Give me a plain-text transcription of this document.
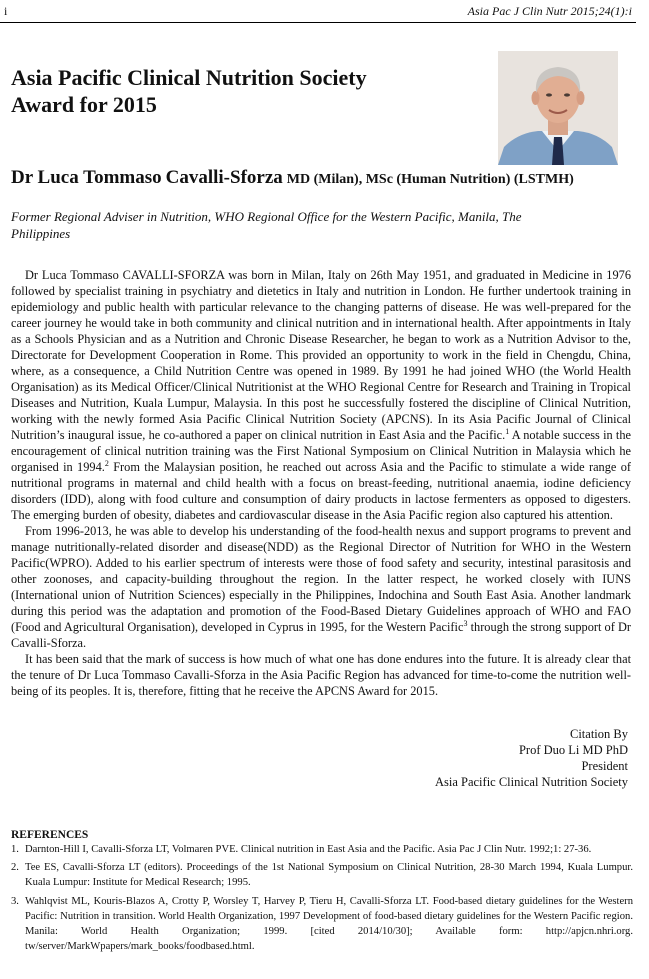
i	Asia Pac J Clin Nutr 2015;24(1):i
Asia Pacific Clinical Nutrition Society
Award for 2015
Dr Luca Tommaso Cavalli-Sforza MD (Milan), MSc (Human Nutrition) (LSTMH)

Former Regional Adviser in Nutrition, WHO Regional Office for the Western Pacific, Manila, The Philippines

Dr Luca Tommaso CAVALLI-SFORZA was born in Milan, Italy on 26th May 1951, and graduated in Medicine in 1976 followed by specialist training in psychiatry and dietetics in Italy and nutrition in London. He further undertook training in epidemiology and public health with particular relevance to the changing patterns of disease. He was well-prepared for the career journey he would take in both community and clinical nutrition and in international health. After appointments in Italy as a Schools Physician and as a Nutrition and Chronic Disease Researcher, he began to work as a Nutrition Advisor to the, Directorate for Development Cooperation in Rome. This provided an opportunity to work in the field in Chengdu, China, where, as a consequence, a Child Nutrition Centre was opened in 1989. By 1991 he had joined WHO (the World Health Organisation) as its Medical Officer/Clinical Nutritionist at the WHO Regional Centre for Research and Training in Tropical Diseases and Nutrition, Kuala Lumpur, Malaysia. In this post he successfully fostered the discipline of Clinical Nutrition, working with the newly formed Asia Pacific Clinical Nutrition Society (APCNS). In its Asia Pacific Journal of Clinical Nutrition’s inaugural issue, he co-authored a paper on clinical nutrition in East Asia and the Pacific.$^1$ A notable success in the encouragement of clinical nutrition training was the First National Symposium on Clinical Nutrition in Malaysia which he organised in 1994.$^2$ From the Malaysian position, he reached out across Asia and the Pacific to stimulate a wide range of nutritional programs in maternal and child health with a focus on breast-feeding, nutritional anaemia, iodine deficiency disorders (IDD), along with food culture and consumption of dairy products in lactose fermenters as opposed to digesters. The emerging burden of obesity, diabetes and cardiovascular disease in the Asia Pacific region also captured his attention.

From 1996-2013, he was able to develop his understanding of the food-health nexus and support programs to prevent and manage nutritionally-related disorder and disease(NDD) as the Regional Director of Nutrition for WHO in the Western Pacific(WPRO). Added to his earlier spectrum of interests were those of food safety and security, intestinal parasitosis and other zoonoses, and capacity-building throughout the region. In the latter respect, he worked closely with IUNS (International union of Nutrition Sciences) especially in the Philippines, Indochina and South East Asia. Another landmark during this period was the adaptation and promotion of the Food-Based Dietary Guidelines approach of WHO and FAO (Food and Agricultural Organisation), developed in Cyprus in 1995, for the Western Pacific$^3$ through the strong support of Dr Cavalli-Sforza.

It has been said that the mark of success is how much of what one has done endures into the future. It is already clear that the tenure of Dr Luca Tommaso Cavalli-Sforza in the Asia Pacific Region has advanced for time-to-come the nutrition well-being of its peoples. It is, therefore, fitting that he receive the APCNS Award for 2015.

Citation By
Prof Duo Li MD PhD
President
Asia Pacific Clinical Nutrition Society
REFERENCES
1. Darnton-Hill I, Cavalli-Sforza LT, Volmaren PVE. Clinical nutrition in East Asia and the Pacific. Asia Pac J Clin Nutr. 1992;1: 27-36.
2. Tee ES, Cavalli-Sforza LT (editors). Proceedings of the 1st National Symposium on Clinical Nutrition, 28-30 March 1994, Kuala Lumpur. Kuala Lumpur: Institute for Medical Research; 1995.
3. Wahlqvist ML, Kouris-Blazos A, Crotty P, Worsley T, Harvey P, Tieru H, Cavalli-Sforza LT. Food-based dietary guidelines for the Western Pacific: Nutrition in transition. World Health Organization, 1997 Development of food-based dietary guidelines for the Western Pacific region. Manila: World Health Organization; 1999. [cited 2014/10/30]; Available form: http://apjcn.nhri.org. tw/server/MarkWpapers/mark_books/foodbased.html.
